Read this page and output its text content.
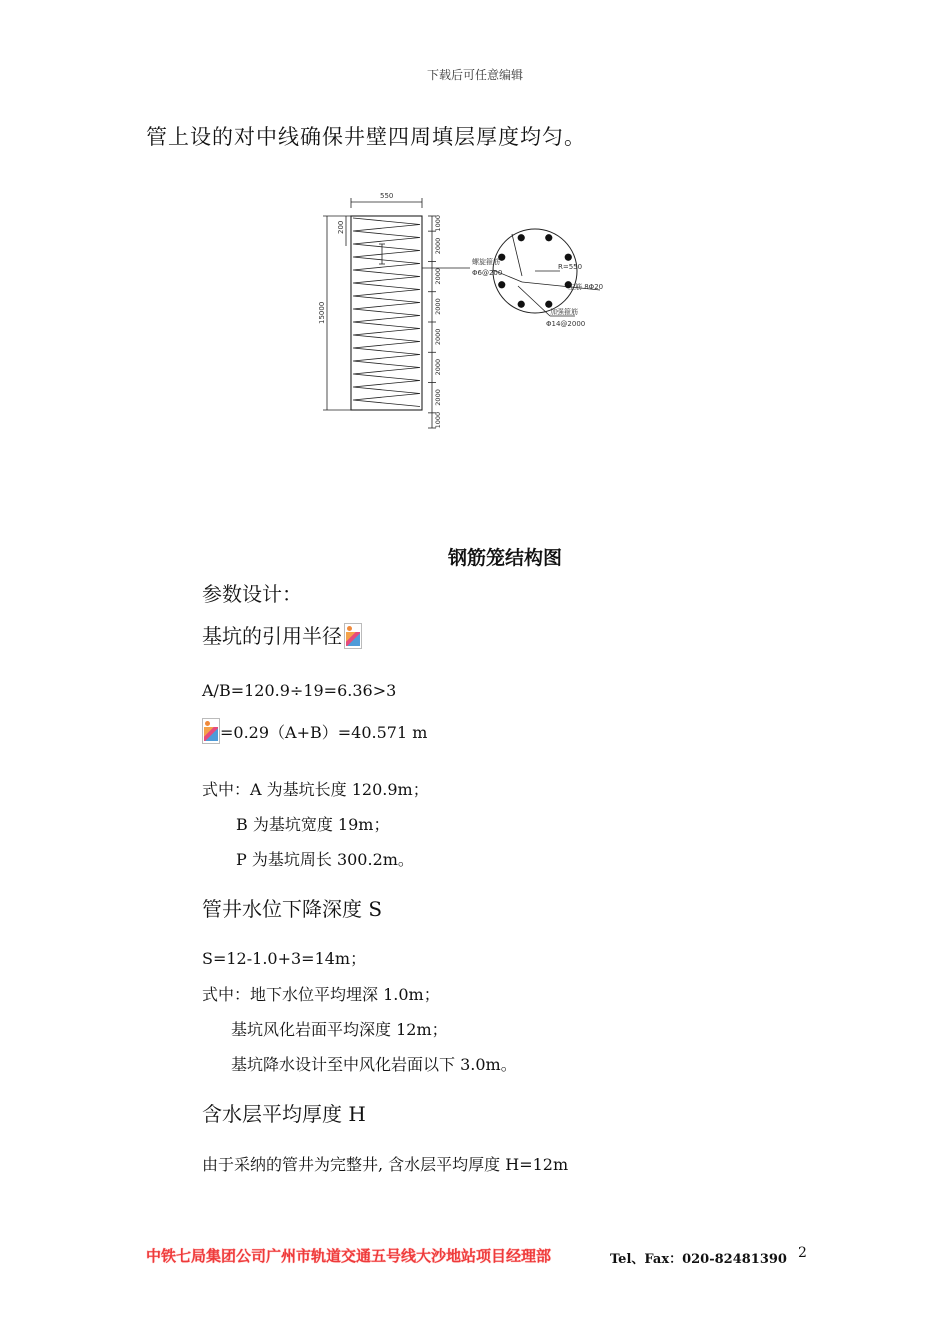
下载后可任意编辑
管上设的对中线确保井壁四周填层厚度均匀。
550
200
15000
螺旋箍筋
Φ6@200
R=550
主筋 8Φ20
加强箍筋
Φ14@2000
1000
2000
2000
2000
2000
2000
2000
1000
钢筋笼结构图
参数设计：
基坑的引用半径
A/B=120.9÷19=6.36>3
=0.29（A+B）=40.571 m
式中：A 为基坑长度 120.9m；
B 为基坑宽度 19m；
P 为基坑周长 300.2m。
管井水位下降深度 S
S=12-1.0+3=14m；
式中：地下水位平均埋深 1.0m；
基坑风化岩面平均深度 12m；
基坑降水设计至中风化岩面以下 3.0m。
含水层平均厚度 H
由于采纳的管井为完整井, 含水层平均厚度 H=12m
中铁七局集团公司广州市轨道交通五号线大沙地站项目经理部	Tel、Fax：020-82481390 2
